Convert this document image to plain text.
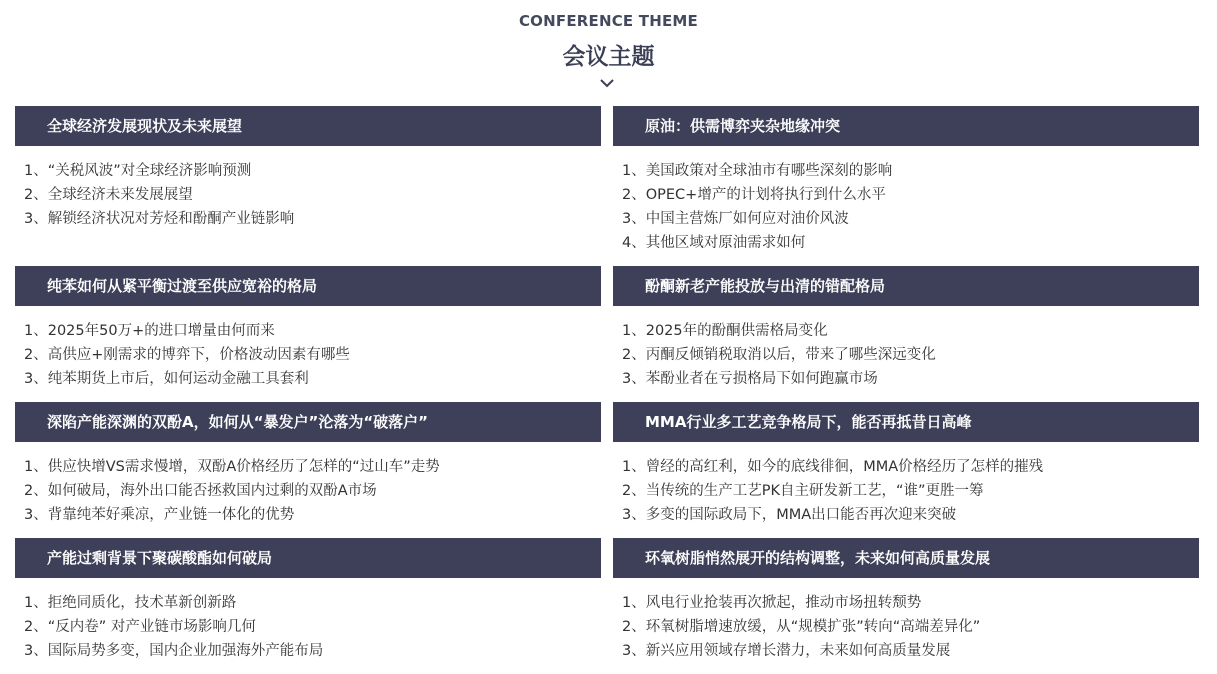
CONFERENCE THEME
会议主题
全球经济发展现状及未来展望
1、“关税风波”对全球经济影响预测
2、全球经济未来发展展望
3、解锁经济状况对芳烃和酚酮产业链影响
原油：供需博弈夹杂地缘冲突
1、美国政策对全球油市有哪些深刻的影响
2、OPEC+增产的计划将执行到什么水平
3、中国主营炼厂如何应对油价风波
4、其他区域对原油需求如何
纯苯如何从紧平衡过渡至供应宽裕的格局
1、2025年50万+的进口增量由何而来
2、高供应+刚需求的博弈下，价格波动因素有哪些
3、纯苯期货上市后，如何运动金融工具套利
酚酮新老产能投放与出清的错配格局
1、2025年的酚酮供需格局变化
2、丙酮反倾销税取消以后，带来了哪些深远变化
3、苯酚业者在亏损格局下如何跑赢市场
深陷产能深渊的双酚A，如何从“暴发户”沦落为“破落户”
1、供应快增VS需求慢增，双酚A价格经历了怎样的“过山车”走势
2、如何破局，海外出口能否拯救国内过剩的双酚A市场
3、背靠纯苯好乘凉，产业链一体化的优势
MMA行业多工艺竞争格局下，能否再抵昔日高峰
1、曾经的高红利，如今的底线徘徊，MMA价格经历了怎样的摧残
2、当传统的生产工艺PK自主研发新工艺，“谁”更胜一筹
3、多变的国际政局下，MMA出口能否再次迎来突破
产能过剩背景下聚碳酸酯如何破局
1、拒绝同质化，技术革新创新路
2、“反内卷” 对产业链市场影响几何
3、国际局势多变，国内企业加强海外产能布局
环氧树脂悄然展开的结构调整，未来如何高质量发展
1、风电行业抢装再次掀起，推动市场扭转颓势
2、环氧树脂增速放缓，从“规模扩张”转向“高端差异化”
3、新兴应用领域存增长潜力，未来如何高质量发展
